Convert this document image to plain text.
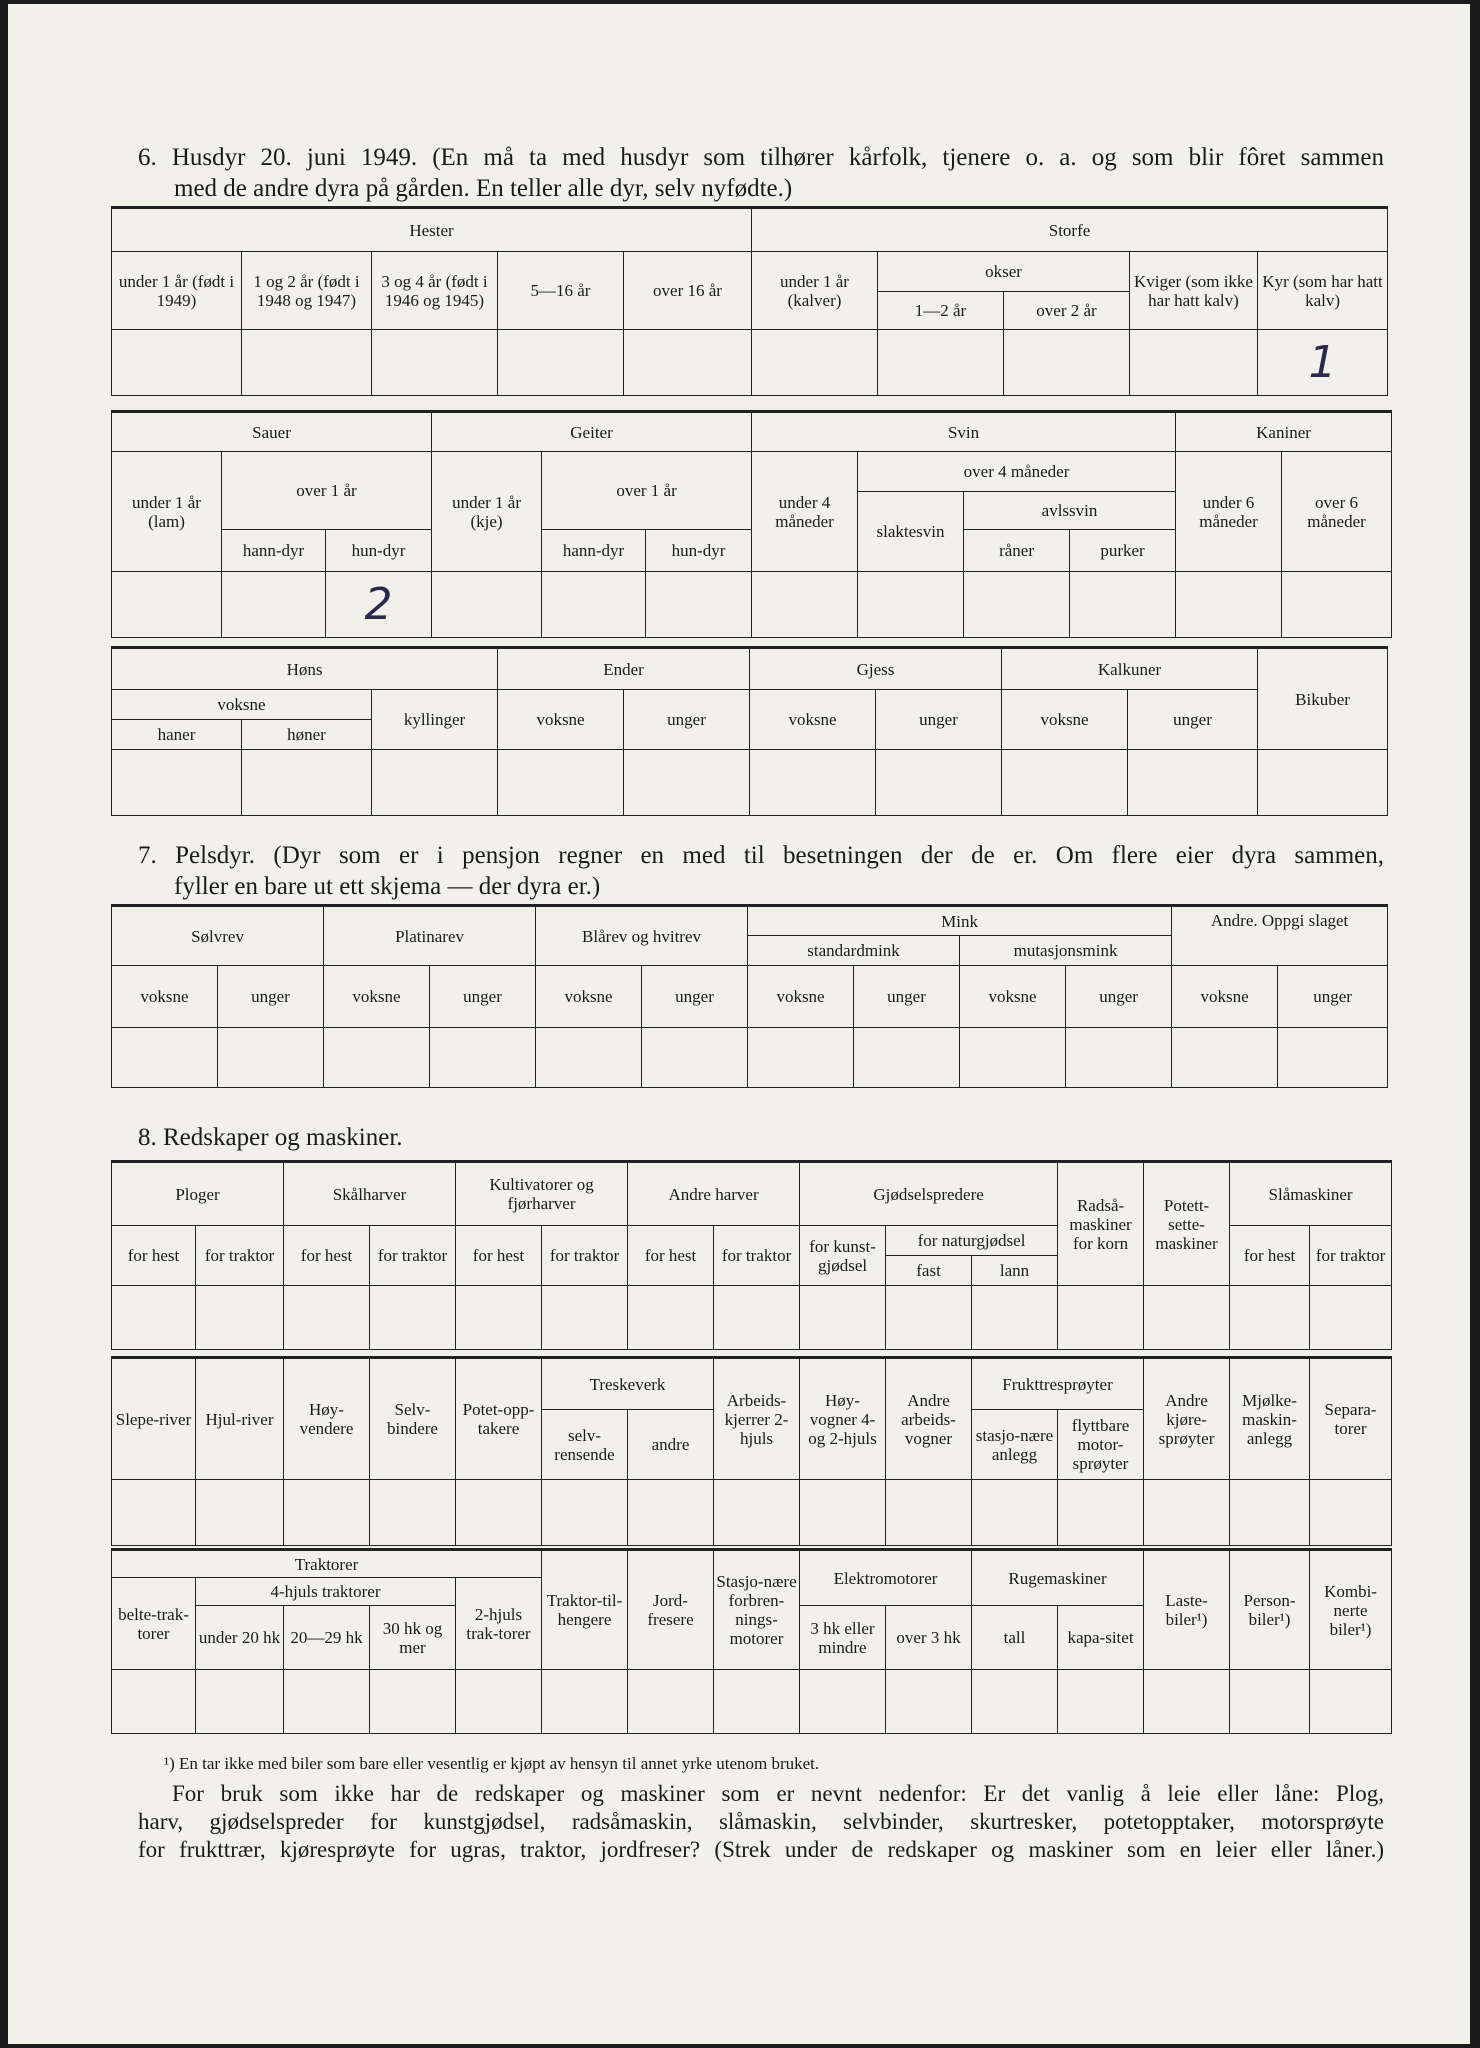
6. Husdyr 20. juni 1949. (En må ta med husdyr som tilhører kårfolk, tjenere o. a. og som blir fôret sammen
med de andre dyra på gården. En teller alle dyr, selv nyfødte.)
Hester					Storfe				
under 1 år (født i 1949)	1 og 2 år (født i 1948 og 1947)	3 og 4 år (født i 1946 og 1945)	5—16 år	over 16 år	under 1 år (kalver)	okser		Kviger (som ikke har hatt kalv)	Kyr (som har hatt kalv)
						1—2 år	over 2 år		
									1
Sauer			Geiter			Svin				Kaniner	
under 1 år (lam)	over 1 år		under 1 år (kje)	over 1 år		under 4 måneder	over 4 måneder			under 6 måneder	over 6 måneder
							slaktesvin	avlssvin			
	hann-dyr	hun-dyr		hann-dyr	hun-dyr			råner	purker		
		2									
Høns			Ender		Gjess		Kalkuner		Bikuber
voksne		kyllinger	voksne	unger	voksne	unger	voksne	unger	
haner	høner								

7. Pelsdyr. (Dyr som er i pensjon regner en med til besetningen der de er. Om flere eier dyra sammen,
fyller en bare ut ett skjema — der dyra er.)
Sølvrev		Platinarev		Blårev og hvitrev		Mink				Andre. Oppgi slaget	
						standardmink		mutasjonsmink			
voksne	unger	voksne	unger	voksne	unger	voksne	unger	voksne	unger	voksne	unger

8. Redskaper og maskiner.
Ploger		Skålharver		Kultivatorer og fjørharver		Andre harver		Gjødselspredere			Radså-maskiner for korn	Potett-sette-maskiner	Slåmaskiner	
for hest	for traktor	for hest	for traktor	for hest	for traktor	for hest	for traktor	for kunst-gjødsel	for naturgjødsel				for hest	for traktor
									fast	lann				

Slepe-river	Hjul-river	Høy-vendere	Selv-bindere	Potet-opp-takere	Treskeverk		Arbeids-kjerrer 2-hjuls	Høy-vogner 4- og 2-hjuls	Andre arbeids-vogner	Frukttresprøyter		Andre kjøre-sprøyter	Mjølke-maskin-anlegg	Separa-torer
					selv-rensende	andre				stasjo-nære anlegg	flyttbare motor-sprøyter			

Traktorer					Traktor-til-hengere	Jord-fresere	Stasjo-nære forbren-nings-motorer	Elektromotorer		Rugemaskiner		Laste-biler¹)	Person-biler¹)	Kombi-nerte biler¹)
belte-trak-torer	4-hjuls traktorer			2-hjuls trak-torer										
	under 20 hk	20—29 hk	30 hk og mer					3 hk eller mindre	over 3 hk	tall	kapa-sitet			

¹) En tar ikke med biler som bare eller vesentlig er kjøpt av hensyn til annet yrke utenom bruket.
For bruk som ikke har de redskaper og maskiner som er nevnt nedenfor: Er det vanlig å leie eller låne: Plog,
harv, gjødselspreder for kunstgjødsel, radsåmaskin, slåmaskin, selvbinder, skurtresker, potetopptaker, motorsprøyte
for frukttrær, kjøresprøyte for ugras, traktor, jordfreser? (Strek under de redskaper og maskiner som en leier eller låner.)
